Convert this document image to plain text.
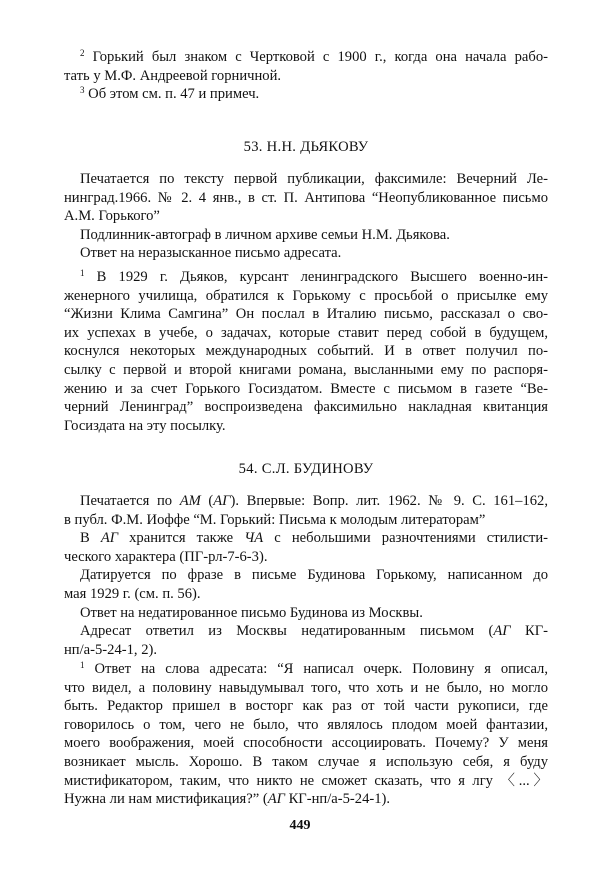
$^2$ Горький был знаком с Чертковой с 1900 г., когда она начала рабо-
тать у М.Ф. Андреевой горничной.
$^3$ Об этом см. п. 47 и примеч.
53. Н.Н. ДЬЯКОВУ
Печатается по тексту первой публикации, факсимиле: Вечерний Ле-
нинград.1966. № 2. 4 янв., в ст. П. Антипова “Неопубликованное письмо
А.М. Горького”
Подлинник-автограф в личном архиве семьи Н.М. Дьякова.
Ответ на неразысканное письмо адресата.
$^1$ В 1929 г. Дьяков, курсант ленинградского Высшего военно-ин-
женерного училища, обратился к Горькому с просьбой о присылке ему
“Жизни Клима Самгина” Он послал в Италию письмо, рассказал о сво-
их успехах в учебе, о задачах, которые ставит перед собой в будущем,
коснулся некоторых международных событий. И в ответ получил по-
сылку с первой и второй книгами романа, высланными ему по распоря-
жению и за счет Горького Госиздатом. Вместе с письмом в газете “Ве-
черний Ленинград” воспроизведена факсимильно накладная квитанция
Госиздата на эту посылку.
54. С.Л. БУДИНОВУ
Печатается по АМ (АГ). Впервые: Вопр. лит. 1962. № 9. С. 161–162,
в публ. Ф.М. Иоффе “М. Горький: Письма к молодым литераторам”
В АГ хранится также ЧА с небольшими разночтениями стилисти-
ческого характера (ПГ-рл-7-6-3).
Датируется по фразе в письме Будинова Горькому, написанном до
мая 1929 г. (см. п. 56).
Ответ на недатированное письмо Будинова из Москвы.
Адресат ответил из Москвы недатированным письмом (АГ КГ-
нп/а-5-24-1, 2).
$^1$ Ответ на слова адресата: “Я написал очерк. Половину я описал,
что видел, а половину навыдумывал того, что хоть и не было, но могло
быть. Редактор пришел в восторг как раз от той части рукописи, где
говорилось о том, чего не было, что являлось плодом моей фантазии,
моего воображения, моей способности ассоциировать. Почему? У меня
возникает мысль. Хорошо. В таком случае я использую себя, я буду
мистификатором, таким, что никто не сможет сказать, что я лгу 〈...〉
Нужна ли нам мистификация?” (АГ КГ-нп/а-5-24-1).
449
